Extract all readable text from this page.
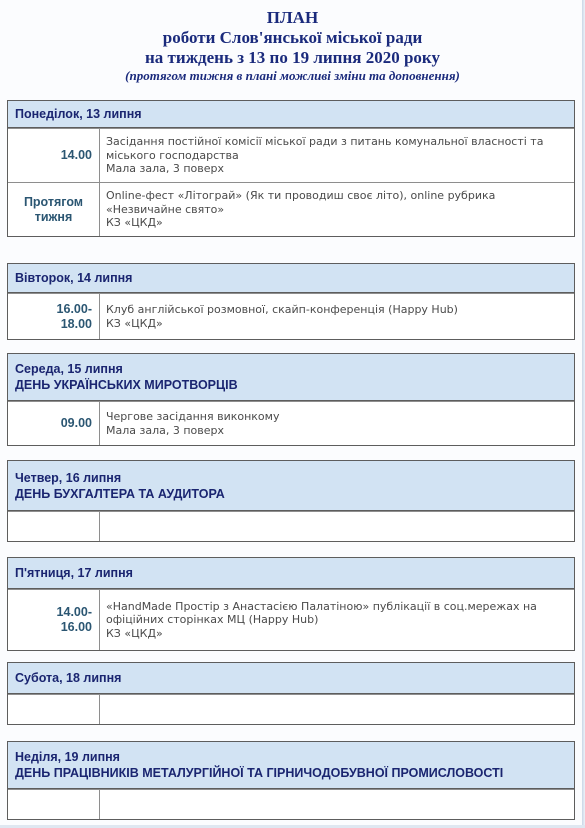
ПЛАН
роботи Слов'янської міської ради
на тиждень з 13 по 19 липня 2020 року
(протягом тижня в плані можливі зміни та доповнення)
Понеділок, 13 липня
14.00
Засідання постійної комісії міської ради з питань комунальної власності та міського господарства
Мала зала, 3 поверх
Протягом тижня
Online-фест «Літограй» (Як ти проводиш своє літо), online рубрика «Незвичайне свято»
КЗ «ЦКД»
Вівторок, 14 липня
16.00-
18.00
Клуб англійської розмовної, скайп-конференція (Happy Hub)
КЗ «ЦКД»
Середа, 15 липня
ДЕНЬ УКРАЇНСЬКИХ МИРОТВОРЦІВ
09.00	Чергове засідання виконкому
Мала зала, 3 поверх
Четвер, 16 липня
ДЕНЬ БУХГАЛТЕРА ТА АУДИТОРА
П'ятниця, 17 липня
14.00-
16.00
«HandMade Простір з Анастасією Палатіною» публікації в соц.мережах на офіційних сторінках МЦ (Happy Hub)
КЗ «ЦКД»
Субота, 18 липня
Неділя, 19 липня
ДЕНЬ ПРАЦІВНИКІВ МЕТАЛУРГІЙНОЇ ТА ГІРНИЧОДОБУВНОЇ ПРОМИСЛОВОСТІ
